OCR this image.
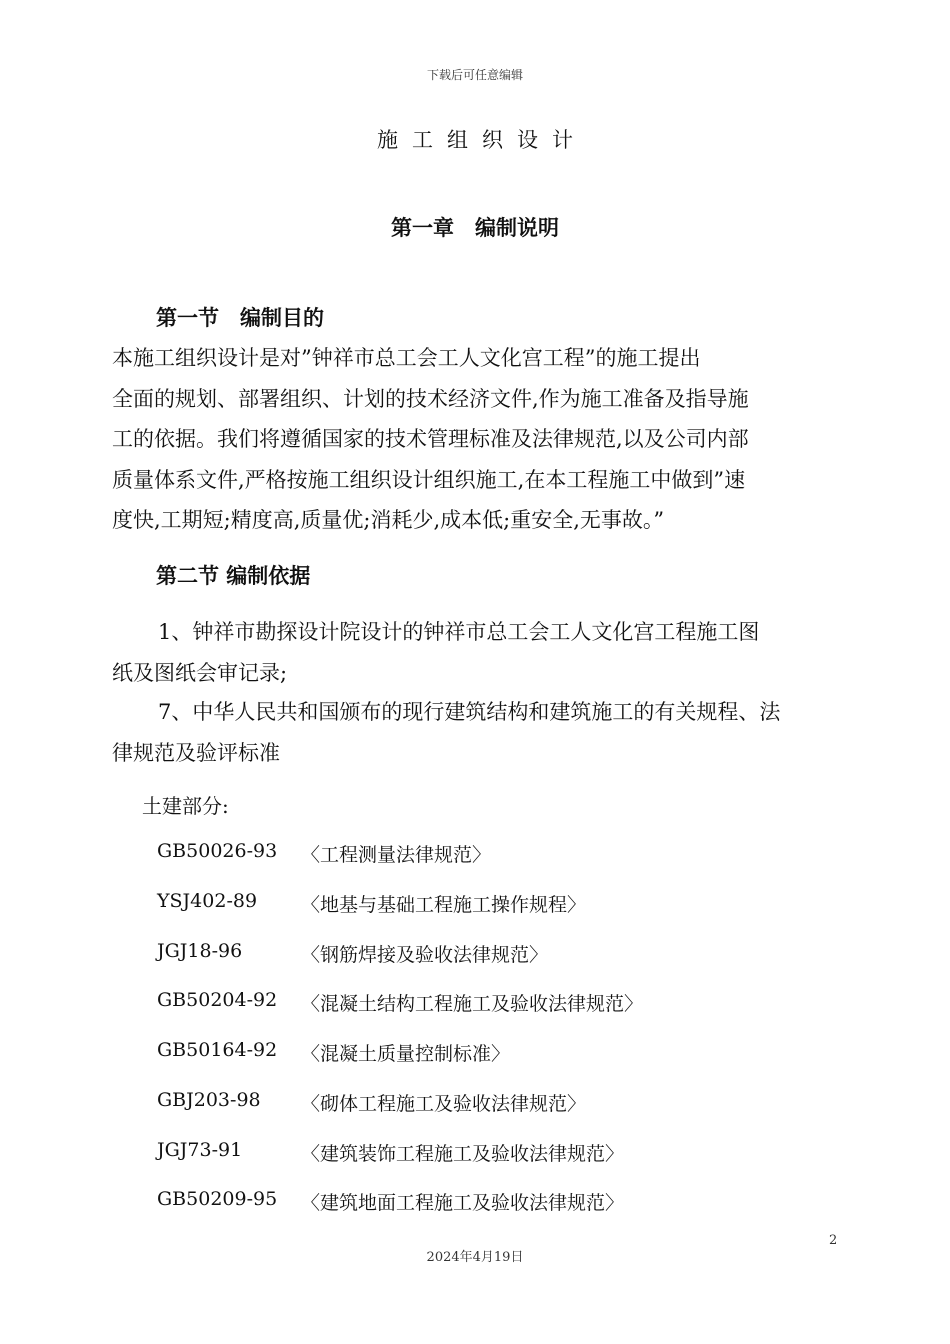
下载后可任意编辑
施工组织设计
第一章　编制说明
第一节　编制目的
本施工组织设计是对”钟祥市总工会工人文化宫工程”的施工提出
全面的规划、部署组织、计划的技术经济文件,作为施工准备及指导施
工的依据。我们将遵循国家的技术管理标准及法律规范,以及公司内部
质量体系文件,严格按施工组织设计组织施工,在本工程施工中做到”速
度快,工期短;精度高,质量优;消耗少,成本低;重安全,无事故。”
第二节 编制依据
1、钟祥市勘探设计院设计的钟祥市总工会工人文化宫工程施工图
纸及图纸会审记录;
7、中华人民共和国颁布的现行建筑结构和建筑施工的有关规程、法
律规范及验评标准
土建部分:
GB50026-93 〈工程测量法律规范〉
YSJ402-89 〈地基与基础工程施工操作规程〉
JGJ18-96	〈钢筋焊接及验收法律规范〉
GB50204-92 〈混凝土结构工程施工及验收法律规范〉
GB50164-92 〈混凝土质量控制标准〉
GBJ203-98 〈砌体工程施工及验收法律规范〉
JGJ73-91	〈建筑装饰工程施工及验收法律规范〉
GB50209-95 〈建筑地面工程施工及验收法律规范〉
2
2024年4月19日
